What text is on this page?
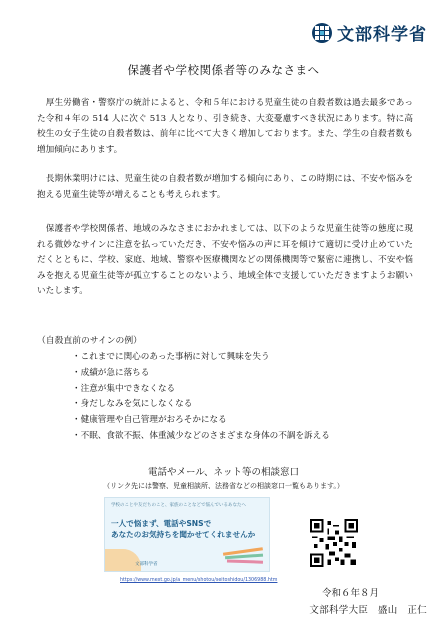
文部科学省
保護者や学校関係者等のみなさまへ

　厚生労働省・警察庁の統計によると、令和５年における児童生徒の自殺者数は過去最多であった令和４年の 514 人に次ぐ 513 人となり、引き続き、大変憂慮すべき状況にあります。特に高校生の女子生徒の自殺者数は、前年に比べて大きく増加しております。また、学生の自殺者数も増加傾向にあります。

　長期休業明けには、児童生徒の自殺者数が増加する傾向にあり、この時期には、不安や悩みを抱える児童生徒等が増えることも考えられます。

　保護者や学校関係者、地域のみなさまにおかれましては、以下のような児童生徒等の態度に現れる微妙なサインに注意を払っていただき、不安や悩みの声に耳を傾けて適切に受け止めていただくとともに、学校、家庭、地域、警察や医療機関などの関係機関等で緊密に連携し、不安や悩みを抱える児童生徒等が孤立することのないよう、地域全体で支援していただきますようお願いいたします。

（自殺直前のサインの例）
・これまでに関心のあった事柄に対して興味を失う
・成績が急に落ちる
・注意が集中できなくなる
・身だしなみを気にしなくなる
・健康管理や自己管理がおろそかになる
・不眠、食欲不振、体重減少などのさまざまな身体の不調を訴える
電話やメール、ネット等の相談窓口
（リンク先には警察、児童相談所、法務省などの相談窓口一覧もあります。）
学校のことや友だちのこと、家族のことなどで悩んでいるあなたへ
一人で悩まず、電話やSNSで
あなたのお気持ちを聞かせてくれませんか
文部科学省
https://www.mext.go.jp/a_menu/shotou/seitoshidou/1306988.htm
令和６年８月
文部科学大臣　盛山　正仁
